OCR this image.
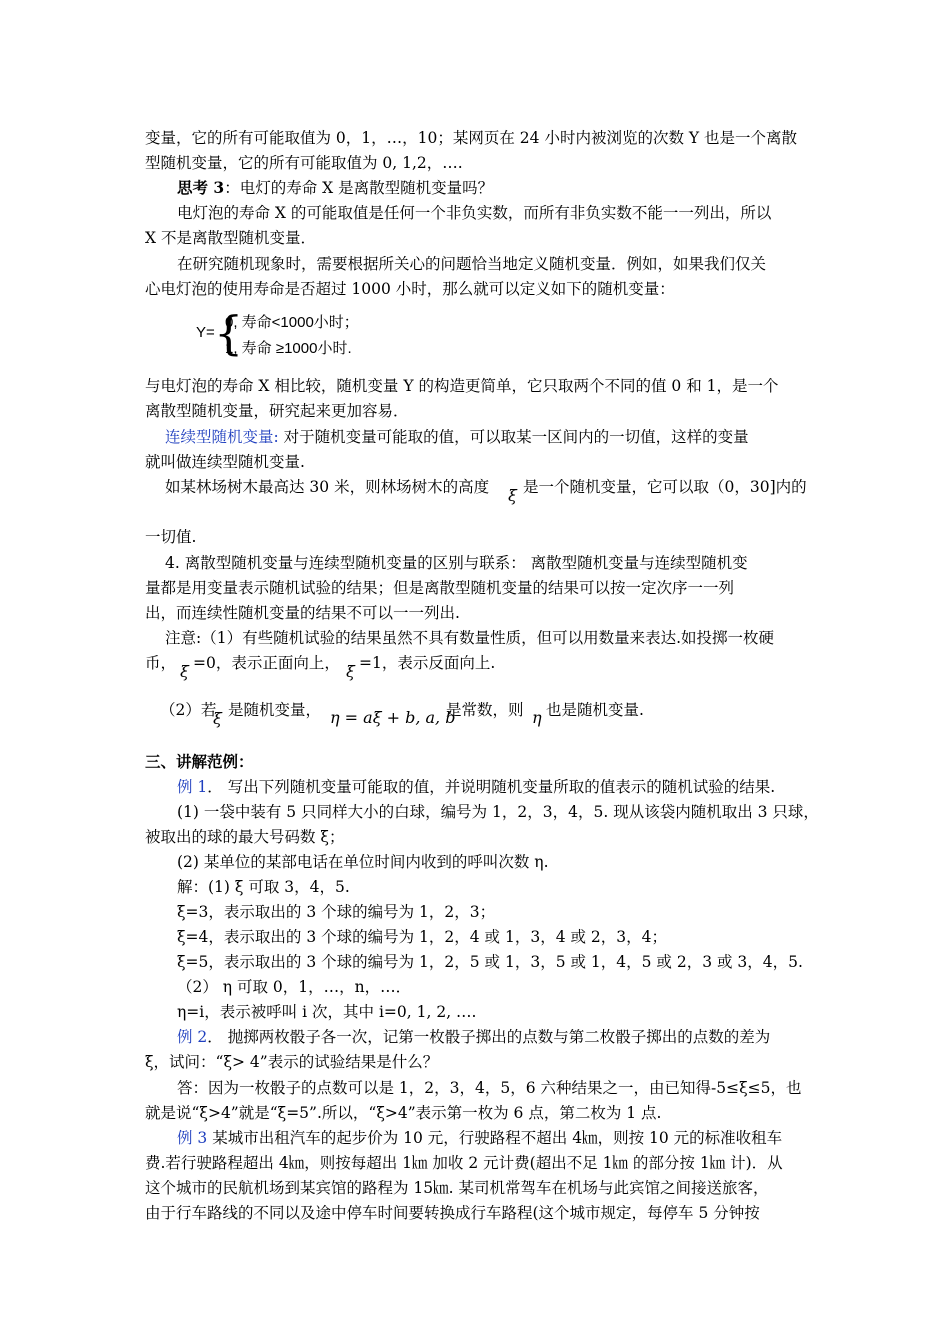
变量，它的所有可能取值为 0，1，…，10；某网页在 24 小时内被浏览的次数 Y 也是一个离散
型随机变量，它的所有可能取值为 0, 1,2，….
思考 3：电灯的寿命 X 是离散型随机变量吗？
电灯泡的寿命 X 的可能取值是任何一个非负实数，而所有非负实数不能一一列出，所以
X 不是离散型随机变量．
在研究随机现象时，需要根据所关心的问题恰当地定义随机变量．例如，如果我们仅关
心电灯泡的使用寿命是否超过 1000 小时，那么就可以定义如下的随机变量：
Y= {
0, 寿命<1000小时；
1, 寿命 ≥1000小时.
与电灯泡的寿命 X 相比较，随机变量 Y 的构造更简单，它只取两个不同的值 0 和 1，是一个
离散型随机变量，研究起来更加容易．
连续型随机变量: 对于随机变量可能取的值，可以取某一区间内的一切值，这样的变量
就叫做连续型随机变量.
如某林场树木最高达 30 米，则林场树木的高度 ξ 是一个随机变量，它可以取（0，30]内的
一切值.
4. 离散型随机变量与连续型随机变量的区别与联系： 离散型随机变量与连续型随机变
量都是用变量表示随机试验的结果；但是离散型随机变量的结果可以按一定次序一一列
出，而连续性随机变量的结果不可以一一列出.
注意:（1）有些随机试验的结果虽然不具有数量性质，但可以用数量来表达.如投掷一枚硬
币， ξ =0，表示正面向上， ξ =1，表示反面向上.
（2）若
ξ 是随机变量， η = aξ + b, a, b
是常数，则 η 也是随机变量.
三、讲解范例：
例 1． 写出下列随机变量可能取的值，并说明随机变量所取的值表示的随机试验的结果.
(1) 一袋中装有 5 只同样大小的白球，编号为 1，2，3，4，5. 现从该袋内随机取出 3 只球，
被取出的球的最大号码数 ξ；
(2) 某单位的某部电话在单位时间内收到的呼叫次数 η.
解：(1) ξ 可取 3，4，5.
ξ=3，表示取出的 3 个球的编号为 1，2，3；
ξ=4，表示取出的 3 个球的编号为 1，2，4 或 1，3，4 或 2，3，4；
ξ=5，表示取出的 3 个球的编号为 1，2，5 或 1，3，5 或 1，4，5 或 2，3 或 3，4，5.
（2） η 可取 0，1，…，n，…．
η=i，表示被呼叫 i 次，其中 i=0, 1, 2, ….
例 2． 抛掷两枚骰子各一次，记第一枚骰子掷出的点数与第二枚骰子掷出的点数的差为
ξ，试问：“ξ> 4”表示的试验结果是什么？
答：因为一枚骰子的点数可以是 1，2，3，4，5，6 六种结果之一，由已知得-5≤ξ≤5，也
就是说“ξ>4”就是“ξ=5”.所以，“ξ>4”表示第一枚为 6 点，第二枚为 1 点.
例 3 某城市出租汽车的起步价为 10 元，行驶路程不超出 4㎞，则按 10 元的标准收租车
费.若行驶路程超出 4㎞，则按每超出 1㎞ 加收 2 元计费(超出不足 1㎞ 的部分按 1㎞ 计)．从
这个城市的民航机场到某宾馆的路程为 15㎞. 某司机常驾车在机场与此宾馆之间接送旅客，
由于行车路线的不同以及途中停车时间要转换成行车路程(这个城市规定，每停车 5 分钟按
